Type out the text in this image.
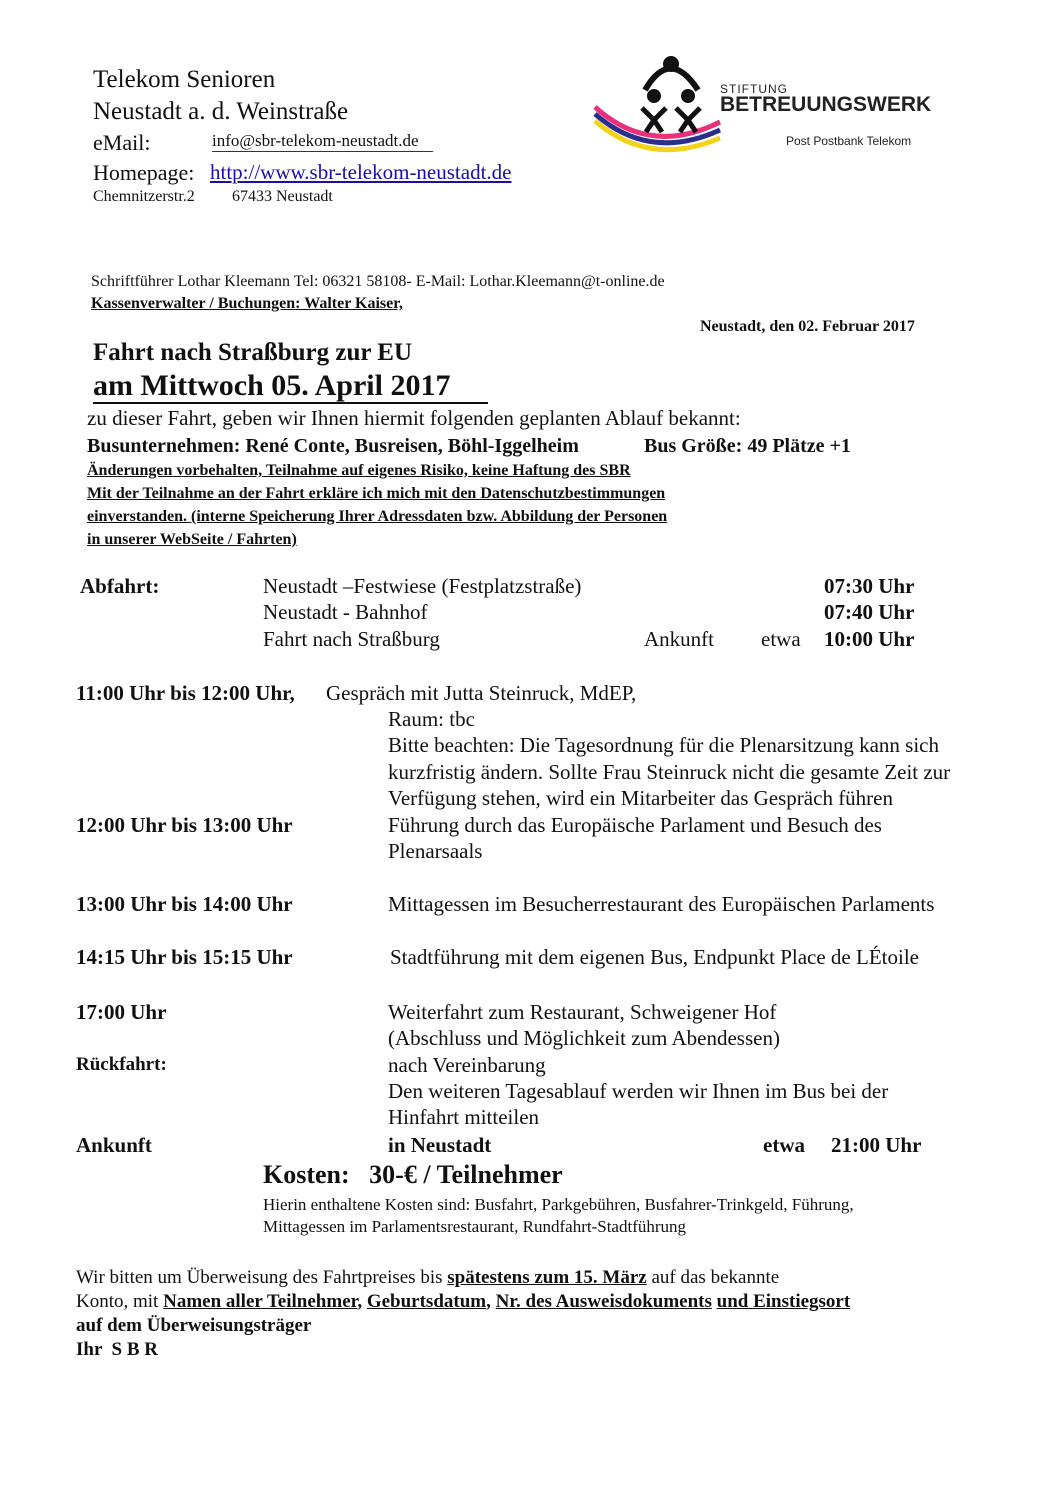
Telekom Senioren
Neustadt a. d. Weinstraße
eMail:	info@sbr-telekom-neustadt.de
Homepage: http://www.sbr-telekom-neustadt.de
Chemnitzerstr.2 67433 Neustadt
STIFTUNG
BETREUUNGSWERK
Post Postbank Telekom
Schriftführer Lothar Kleemann Tel: 06321 58108- E-Mail: Lothar.Kleemann@t-online.de
Kassenverwalter / Buchungen: Walter Kaiser,
Neustadt, den 02. Februar 2017
Fahrt nach Straßburg zur EU
am Mittwoch 05. April 2017
zu dieser Fahrt, geben wir Ihnen hiermit folgenden geplanten Ablauf bekannt:
Busunternehmen: René Conte, Busreisen, Böhl-Iggelheim	Bus Größe: 49 Plätze +1
Änderungen vorbehalten, Teilnahme auf eigenes Risiko, keine Haftung des SBR
Mit der Teilnahme an der Fahrt erkläre ich mich mit den Datenschutzbestimmungen
einverstanden. (interne Speicherung Ihrer Adressdaten bzw. Abbildung der Personen
in unserer WebSeite / Fahrten)
Abfahrt:	Neustadt –Festwiese (Festplatzstraße)	07:30 Uhr
Neustadt - Bahnhof	07:40 Uhr
Fahrt nach Straßburg	Ankunft etwa 10:00 Uhr
11:00 Uhr bis 12:00 Uhr, Gespräch mit Jutta Steinruck, MdEP,
Raum: tbc
Bitte beachten: Die Tagesordnung für die Plenarsitzung kann sich
kurzfristig ändern. Sollte Frau Steinruck nicht die gesamte Zeit zur
Verfügung stehen, wird ein Mitarbeiter das Gespräch führen
12:00 Uhr bis 13:00 Uhr	Führung durch das Europäische Parlament und Besuch des
Plenarsaals
13:00 Uhr bis 14:00 Uhr	Mittagessen im Besucherrestaurant des Europäischen Parlaments
14:15 Uhr bis 15:15 Uhr	Stadtführung mit dem eigenen Bus, Endpunkt Place de LÉtoile
17:00 Uhr	Weiterfahrt zum Restaurant, Schweigener Hof
(Abschluss und Möglichkeit zum Abendessen)
Rückfahrt:	nach Vereinbarung
Den weiteren Tagesablauf werden wir Ihnen im Bus bei der
Hinfahrt mitteilen
Ankunft	in Neustadt	etwa 21:00 Uhr
Kosten:   30-€ / Teilnehmer
Hierin enthaltene Kosten sind: Busfahrt, Parkgebühren, Busfahrer-Trinkgeld, Führung,
Mittagessen im Parlamentsrestaurant, Rundfahrt-Stadtführung
Wir bitten um Überweisung des Fahrtpreises bis spätestens zum 15. März auf das bekannte
Konto, mit Namen aller Teilnehmer, Geburtsdatum, Nr. des Ausweisdokuments und Einstiegsort
auf dem Überweisungsträger
Ihr  S B R
